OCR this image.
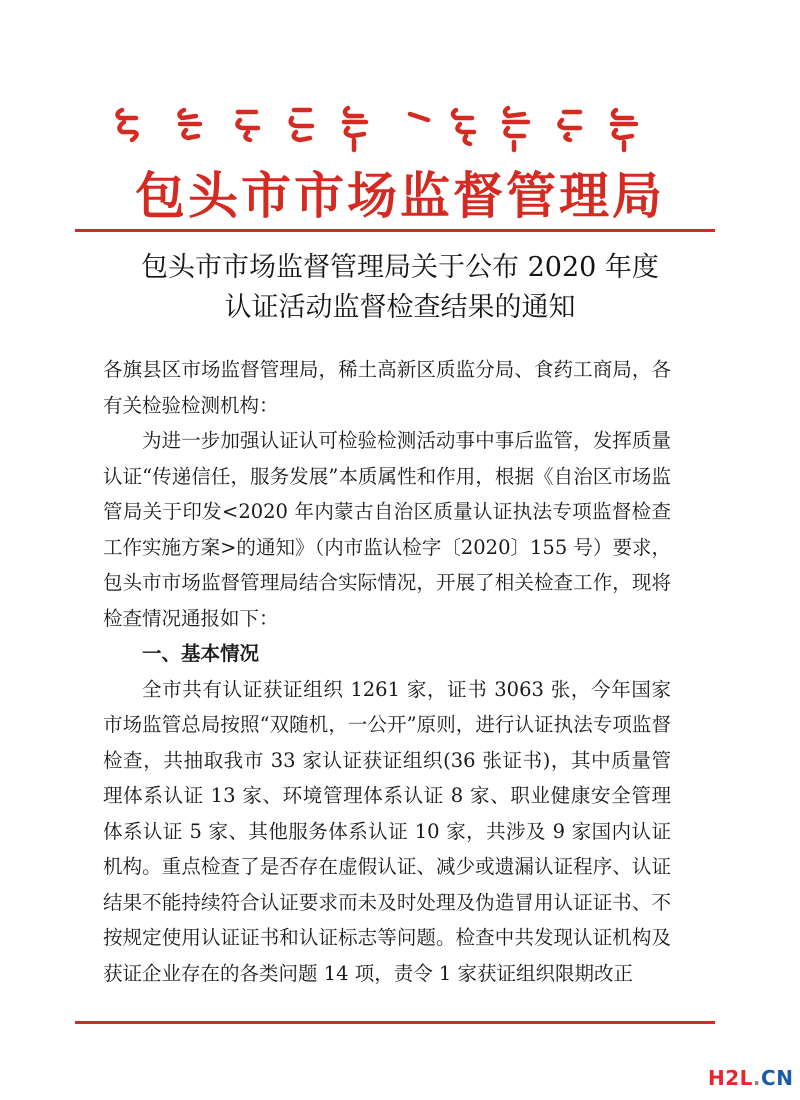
包头市市场监督管理局
包头市市场监督管理局关于公布 2020 年度
认证活动监督检查结果的通知

各旗县区市场监督管理局，稀土高新区质监分局、食药工商局，各有关检验检测机构：

为进一步加强认证认可检验检测活动事中事后监管，发挥质量认证“传递信任，服务发展”本质属性和作用，根据《自治区市场监管局关于印发<2020 年内蒙古自治区质量认证执法专项监督检查工作实施方案>的通知》（内市监认检字〔2020〕155 号）要求，包头市市场监督管理局结合实际情况，开展了相关检查工作，现将检查情况通报如下：

一、基本情况

全市共有认证获证组织 1261 家，证书 3063 张，今年国家市场监管总局按照“双随机，一公开”原则，进行认证执法专项监督检查，共抽取我市 33 家认证获证组织(36 张证书)，其中质量管理体系认证 13 家、环境管理体系认证 8 家、职业健康安全管理体系认证 5 家、其他服务体系认证 10 家，共涉及 9 家国内认证机构。重点检查了是否存在虚假认证、减少或遗漏认证程序、认证结果不能持续符合认证要求而未及时处理及伪造冒用认证证书、不按规定使用认证证书和认证标志等问题。检查中共发现认证机构及获证企业存在的各类问题 14 项，责令 1 家获证组织限期改正

H2L.CN
